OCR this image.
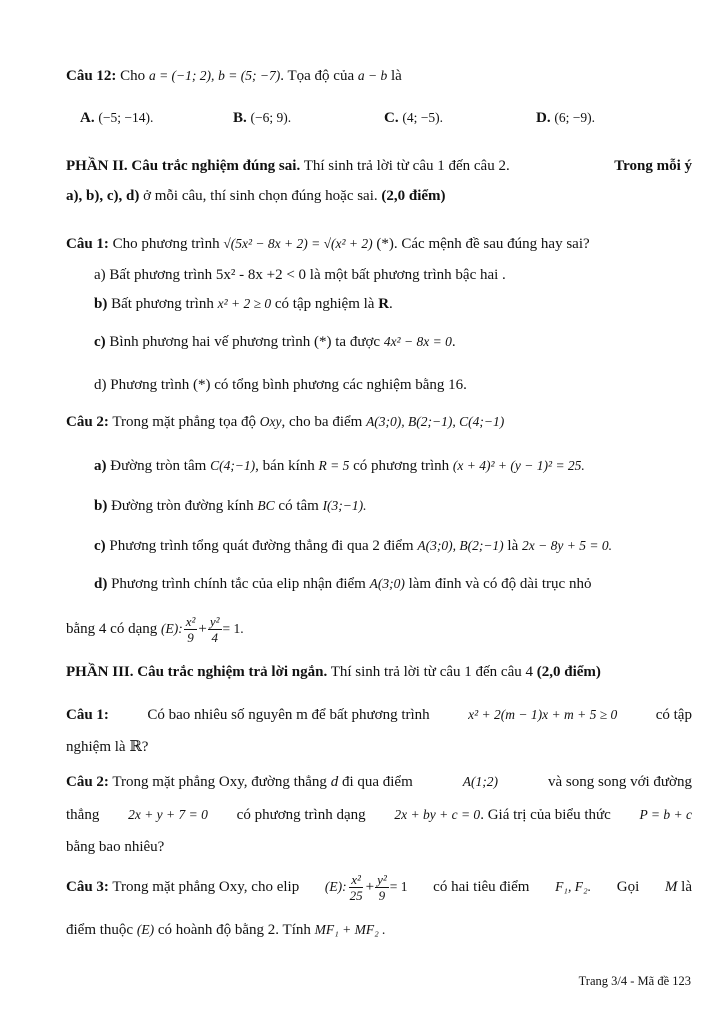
Câu 12: Cho a = (−1; 2), b = (5; −7). Tọa độ của a − b là
A. (−5; −14).	B. (−6; 9).	C. (4; −5).	D. (6; −9).
PHẦN II. Câu trắc nghiệm đúng sai. Thí sinh trả lời từ câu 1 đến câu 2.	Trong mỗi ý
a), b), c), d) ở mỗi câu, thí sinh chọn đúng hoặc sai. (2,0 điểm)
Câu 1: Cho phương trình √(5x² − 8x + 2) = √(x² + 2) (*). Các mệnh đề sau đúng hay sai?
a) Bất phương trình 5x² - 8x +2 < 0 là một bất phương trình bậc hai .
b) Bất phương trình x² + 2 ≥ 0 có tập nghiệm là R.
c) Bình phương hai vế phương trình (*) ta được 4x² − 8x = 0.
d) Phương trình (*) có tổng bình phương các nghiệm bằng 16.
Câu 2: Trong mặt phẳng tọa độ Oxy, cho ba điểm A(3;0), B(2;−1), C(4;−1)
a) Đường tròn tâm C(4;−1), bán kính R = 5 có phương trình (x + 4)² + (y − 1)² = 25.
b) Đường tròn đường kính BC có tâm I(3;−1).
c) Phương trình tổng quát đường thẳng đi qua 2 điểm A(3;0), B(2;−1) là 2x − 8y + 5 = 0.
d) Phương trình chính tắc của elip nhận điểm A(3;0) làm đỉnh và có độ dài trục nhỏ
bằng 4 có dạng (E): $\frac{\text{x²}}{9} + \frac{\text{y²}}{4} = 1$.
PHẦN III. Câu trắc nghiệm trả lời ngắn. Thí sinh trả lời từ câu 1 đến câu 4 (2,0 điểm)
Câu 1:	Có bao nhiêu số nguyên m để bất phương trình	x² + 2(m − 1)x + m + 5 ≥ 0	có tập
nghiệm là ℝ?
Câu 2: Trong mặt phẳng Oxy, đường thẳng d đi qua điểm	A(1;2)	và song song với đường
thẳng 2x + y + 7 = 0 có phương trình dạng 2x + by + c = 0. Giá trị của biểu thức P = b + c
bằng bao nhiêu?
Câu 3: Trong mặt phẳng Oxy, cho elip (E): $\frac{\text{x²}}{25} + \frac{\text{y²}}{9} = 1$ có hai tiêu điểm F₁, F₂. Gọi M là
điểm thuộc (E) có hoành độ bằng 2. Tính MF₁ + MF₂ .
Trang 3/4 - Mã đề 123
